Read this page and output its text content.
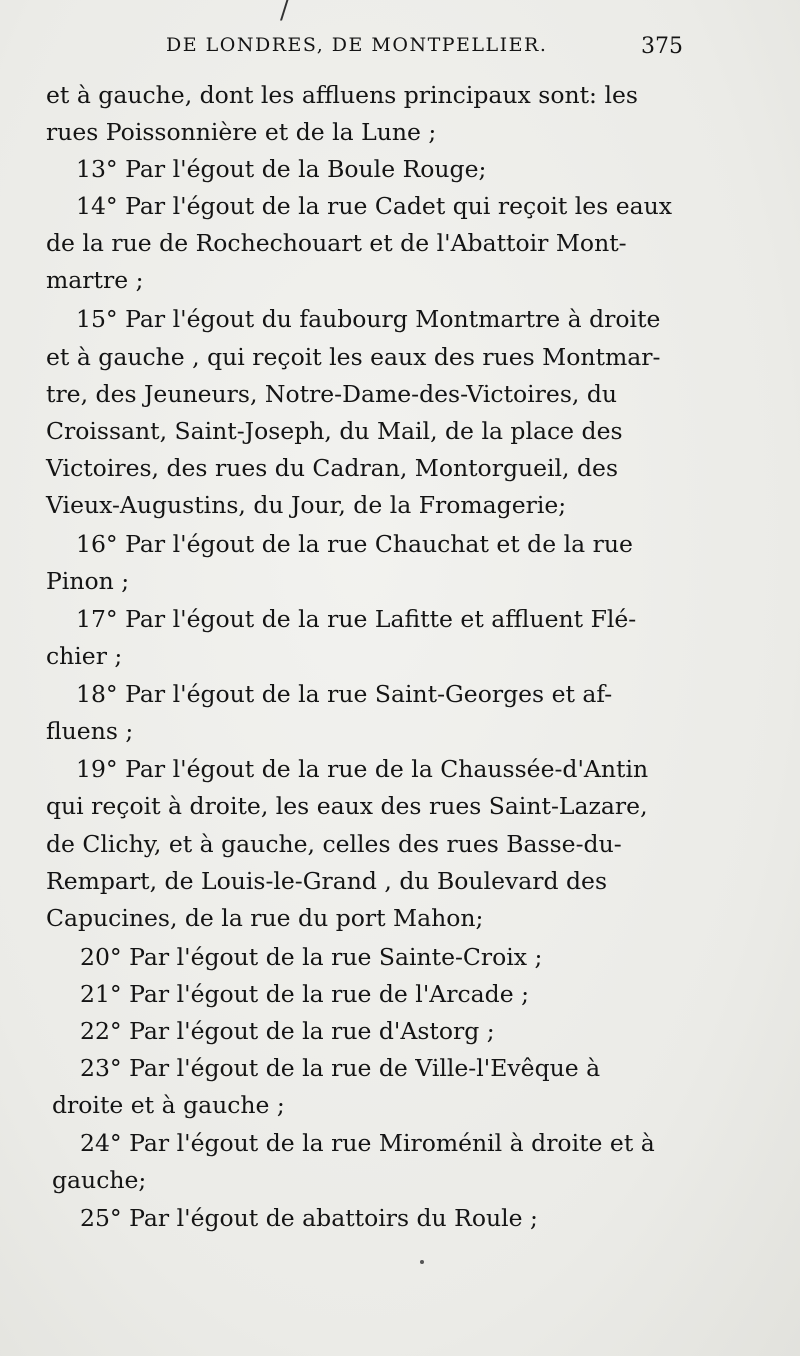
/
DE LONDRES, DE MONTPELLIER.	375
et à gauche, dont les affluens principaux sont: les
rues Poissonnière et de la Lune ;
13° Par l'égout de la Boule Rouge;
14° Par l'égout de la rue Cadet qui reçoit les eaux
de la rue de Rochechouart et de l'Abattoir Mont-
martre ;
15° Par l'égout du faubourg Montmartre à droite
et à gauche , qui reçoit les eaux des rues Montmar-
tre, des Jeuneurs, Notre-Dame-des-Victoires, du
Croissant, Saint-Joseph, du Mail, de la place des
Victoires, des rues du Cadran, Montorgueil, des
Vieux-Augustins, du Jour, de la Fromagerie;
16° Par l'égout de la rue Chauchat et de la rue
Pinon ;
17° Par l'égout de la rue Lafitte et affluent Flé-
chier ;
18° Par l'égout de la rue Saint-Georges et af-
fluens ;
19° Par l'égout de la rue de la Chaussée-d'Antin
qui reçoit à droite, les eaux des rues Saint-Lazare,
de Clichy, et à gauche, celles des rues Basse-du-
Rempart, de Louis-le-Grand , du Boulevard des
Capucines, de la rue du port Mahon;
20° Par l'égout de la rue Sainte-Croix ;
21° Par l'égout de la rue de l'Arcade ;
22° Par l'égout de la rue d'Astorg ;
23° Par l'égout de la rue de Ville-l'Evêque à
droite et à gauche ;
24° Par l'égout de la rue Miroménil à droite et à
gauche;
25° Par l'égout de abattoirs du Roule ;
